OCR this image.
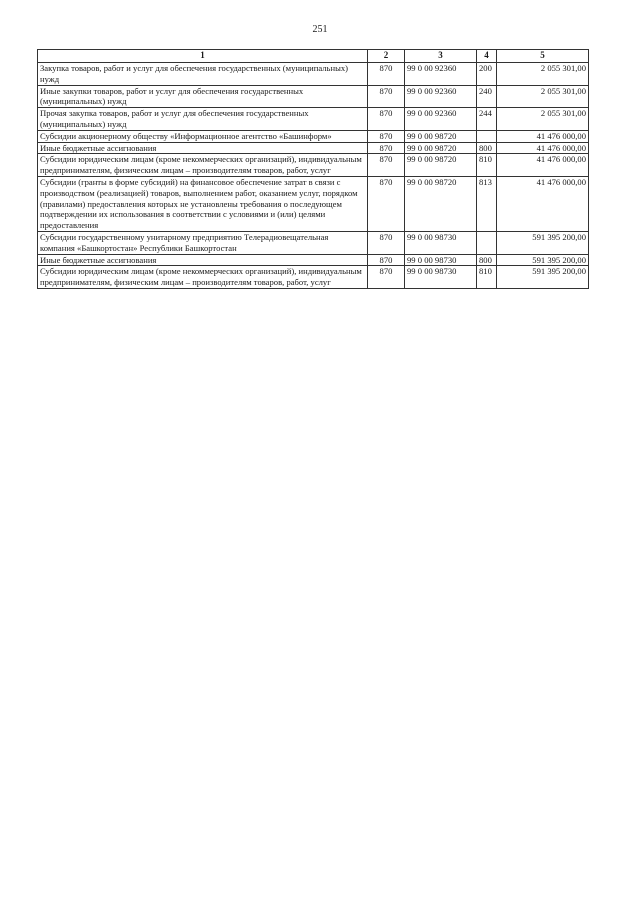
251
1	2	3	4	5
Закупка товаров, работ и услуг для обеспечения государственных (муниципальных) нужд	870	99 0 00 92360	200	2 055 301,00
Иные закупки товаров, работ и услуг для обеспечения государственных (муниципальных) нужд	870	99 0 00 92360	240	2 055 301,00
Прочая закупка товаров, работ и услуг для обеспечения государственных (муниципальных) нужд	870	99 0 00 92360	244	2 055 301,00
Субсидии акционерному обществу «Информационное агентство «Башинформ»	870	99 0 00 98720		41 476 000,00
Иные бюджетные ассигнования	870	99 0 00 98720	800	41 476 000,00
Субсидии юридическим лицам (кроме некоммерческих организаций), индивидуальным предпринимателям, физическим лицам – производителям товаров, работ, услуг	870	99 0 00 98720	810	41 476 000,00
Субсидии (гранты в форме субсидий) на финансовое обеспечение затрат в связи с производством (реализацией) товаров, выполнением работ, оказанием услуг, порядком (правилами) предоставления которых не установлены требования о последующем подтверждении их использования в соответствии с условиями и (или) целями предоставления	870	99 0 00 98720	813	41 476 000,00
Субсидии государственному унитарному предприятию Телерадиовещательная компания «Башкортостан» Республики Башкортостан	870	99 0 00 98730		591 395 200,00
Иные бюджетные ассигнования	870	99 0 00 98730	800	591 395 200,00
Субсидии юридическим лицам (кроме некоммерческих организаций), индивидуальным предпринимателям, физическим лицам – производителям товаров, работ, услуг	870	99 0 00 98730	810	591 395 200,00
